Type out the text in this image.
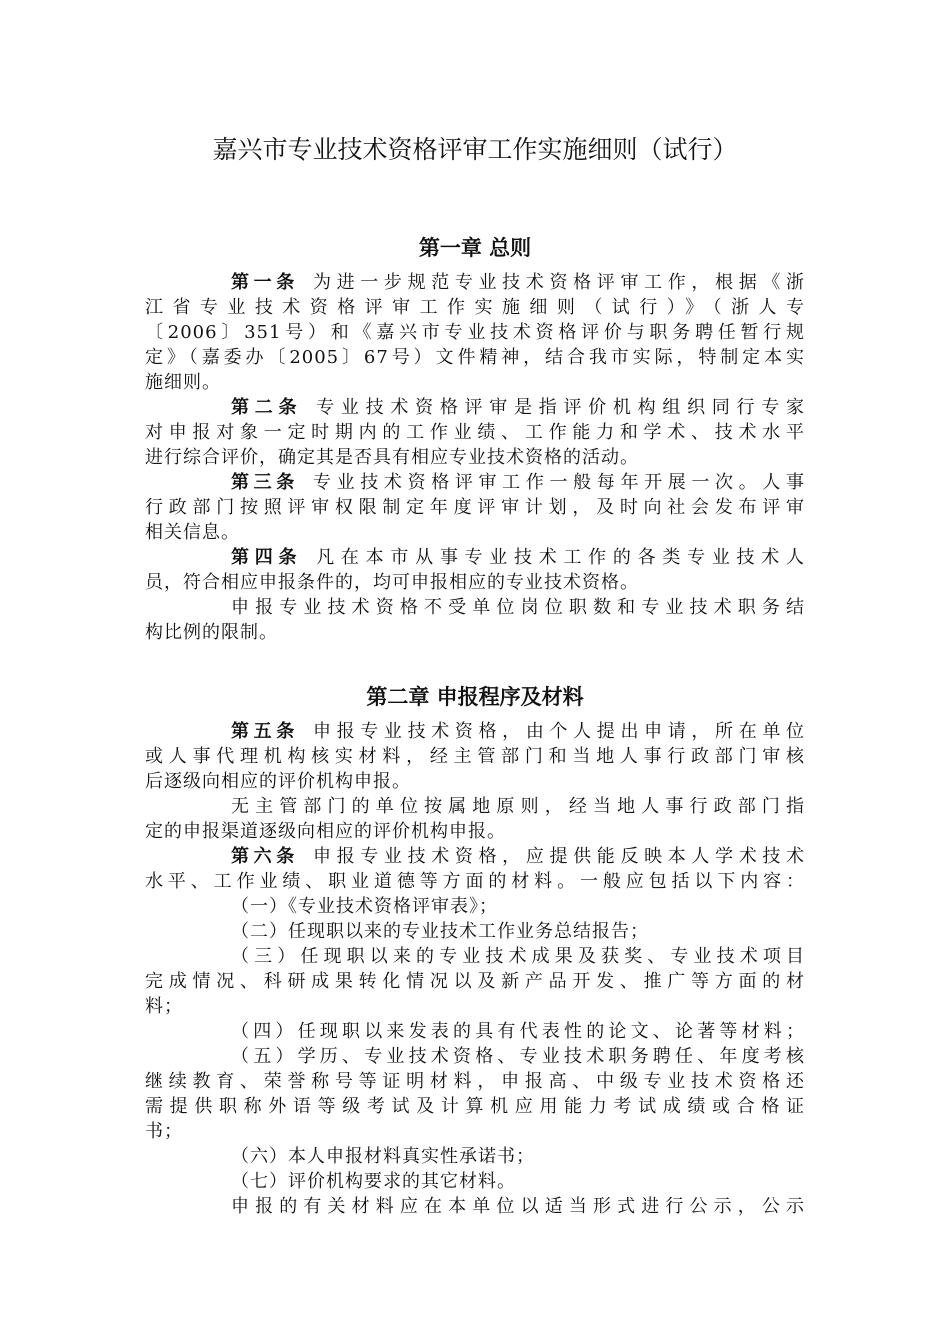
嘉兴市专业技术资格评审工作实施细则（试行）
第一章 总则
第一条 为进一步规范专业技术资格评审工作，根据《浙
江省专业技术资格评审工作实施细则（试行）》（浙人专
〔2006〕351号）和《嘉兴市专业技术资格评价与职务聘任暂行规
定》（嘉委办〔2005〕67号）文件精神，结合我市实际，特制定本实
施细则。
第二条 专业技术资格评审是指评价机构组织同行专家
对申报对象一定时期内的工作业绩、工作能力和学术、技术水平
进行综合评价，确定其是否具有相应专业技术资格的活动。
第三条 专业技术资格评审工作一般每年开展一次。人事
行政部门按照评审权限制定年度评审计划，及时向社会发布评审
相关信息。
第四条 凡在本市从事专业技术工作的各类专业技术人
员，符合相应申报条件的，均可申报相应的专业技术资格。
申报专业技术资格不受单位岗位职数和专业技术职务结
构比例的限制。
第二章 申报程序及材料
第五条 申报专业技术资格，由个人提出申请，所在单位
或人事代理机构核实材料，经主管部门和当地人事行政部门审核
后逐级向相应的评价机构申报。
无主管部门的单位按属地原则，经当地人事行政部门指
定的申报渠道逐级向相应的评价机构申报。
第六条 申报专业技术资格，应提供能反映本人学术技术
水平、工作业绩、职业道德等方面的材料。一般应包括以下内容：
（一）《专业技术资格评审表》；
（二）任现职以来的专业技术工作业务总结报告；
（三）任现职以来的专业技术成果及获奖、专业技术项目
完成情况、科研成果转化情况以及新产品开发、推广等方面的材
料；
（四）任现职以来发表的具有代表性的论文、论著等材料；
（五）学历、专业技术资格、专业技术职务聘任、年度考核
继续教育、荣誉称号等证明材料，申报高、中级专业技术资格还
需提供职称外语等级考试及计算机应用能力考试成绩或合格证
书；
（六）本人申报材料真实性承诺书；
（七）评价机构要求的其它材料。
申报的有关材料应在本单位以适当形式进行公示，公示
